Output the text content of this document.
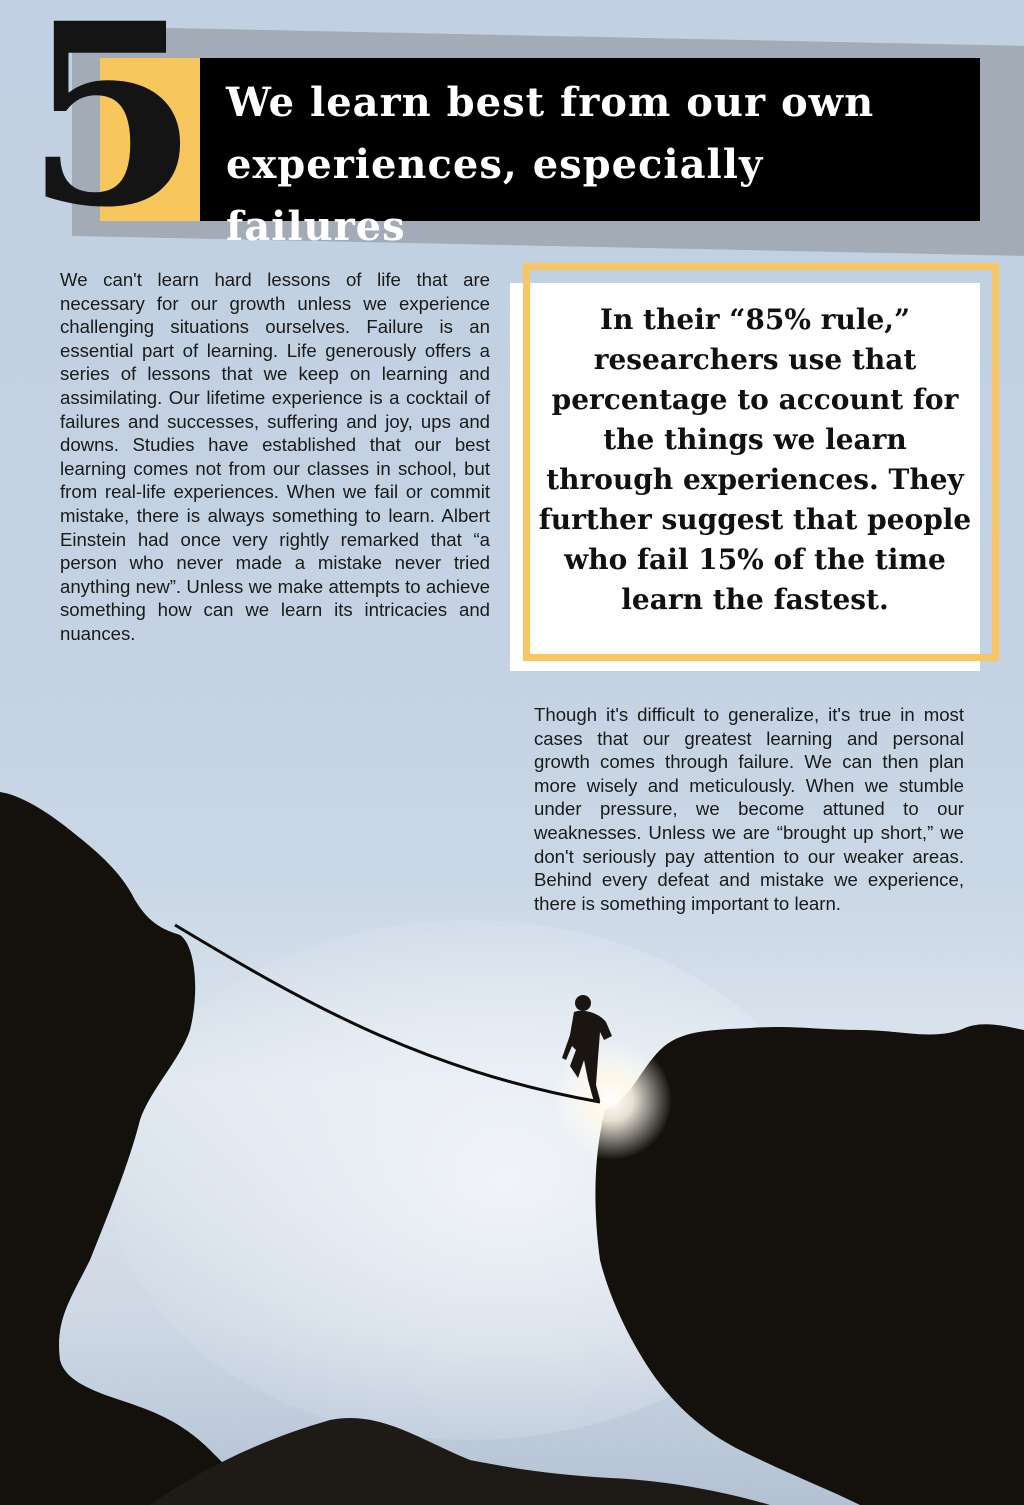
5 We learn best from our own

experiences, especially failures

We can't learn hard lessons of life that are necessary for our growth unless we experience challenging situations ourselves. Failure is an essential part of learning. Life generously offers a series of lessons that we keep on learning and assimilating. Our lifetime experience is a cocktail of failures and successes, suffering and joy, ups and downs. Studies have established that our best learning comes not from our classes in school, but from real-life experiences. When we fail or commit mistake, there is always something to learn. Albert Einstein had once very rightly remarked that “a person who never made a mistake never tried anything new”. Unless we make attempts to achieve something how can we learn its intricacies and nuances.

In their “85% rule,” researchers use that percentage to account for the things we learn through experiences. They further suggest that people who fail 15% of the time learn the fastest.

Though it's difficult to generalize, it's true in most cases that our greatest learning and personal growth comes through failure. We can then plan more wisely and meticulously. When we stumble under pressure, we become attuned to our weaknesses. Unless we are “brought up short,” we don't seriously pay attention to our weaker areas. Behind every defeat and mistake we experience, there is something important to learn.
